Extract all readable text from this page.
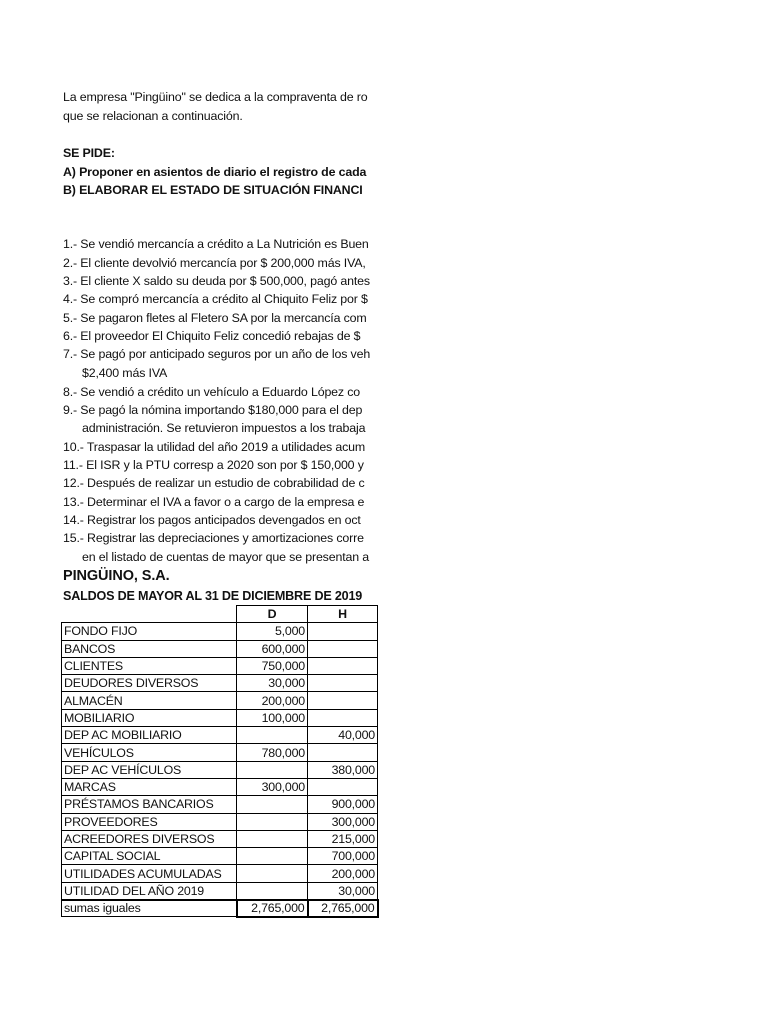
La empresa "Pingüino" se dedica a la compraventa de ro
que se relacionan a continuación.
SE PIDE:
A) Proponer en asientos de diario el registro de cada
B) ELABORAR EL ESTADO DE SITUACIÓN FINANCI
1.- Se vendió mercancía a crédito a La Nutrición es Buen
2.- El cliente devolvió mercancía por $ 200,000 más IVA,
3.- El cliente X saldo su deuda por $ 500,000, pagó antes
4.- Se compró mercancía a crédito al Chiquito Feliz por $
5.- Se pagaron fletes al Fletero SA por la mercancía com
6.- El proveedor El Chiquito Feliz concedió rebajas de $
7.- Se pagó por anticipado seguros por un año de los veh
$2,400 más IVA
8.- Se vendió a crédito un vehículo a Eduardo López co
9.- Se pagó la nómina importando $180,000 para el dep
administración. Se retuvieron impuestos a los trabaja
10.- Traspasar la utilidad del año 2019 a utilidades acum
11.- El ISR y la PTU corresp a 2020 son por $ 150,000 y
12.- Después de realizar un estudio de cobrabilidad de c
13.- Determinar el IVA a favor o a cargo de la empresa e
14.- Registrar los pagos anticipados devengados en oct
15.- Registrar las depreciaciones y amortizaciones corre
en el listado de cuentas de mayor que se presentan a
PINGÜINO, S.A.
SALDOS DE MAYOR AL 31 DE DICIEMBRE DE 2019
	D	H
FONDO FIJO	5,000	
BANCOS	600,000	
CLIENTES	750,000	
DEUDORES DIVERSOS	30,000	
ALMACÉN	200,000	
MOBILIARIO	100,000	
DEP AC MOBILIARIO		40,000
VEHÍCULOS	780,000	
DEP AC VEHÍCULOS		380,000
MARCAS	300,000	
PRÉSTAMOS BANCARIOS		900,000
PROVEEDORES		300,000
ACREEDORES DIVERSOS		215,000
CAPITAL SOCIAL		700,000
UTILIDADES ACUMULADAS		200,000
UTILIDAD DEL AÑO 2019		30,000
sumas iguales	2,765,000	2,765,000
